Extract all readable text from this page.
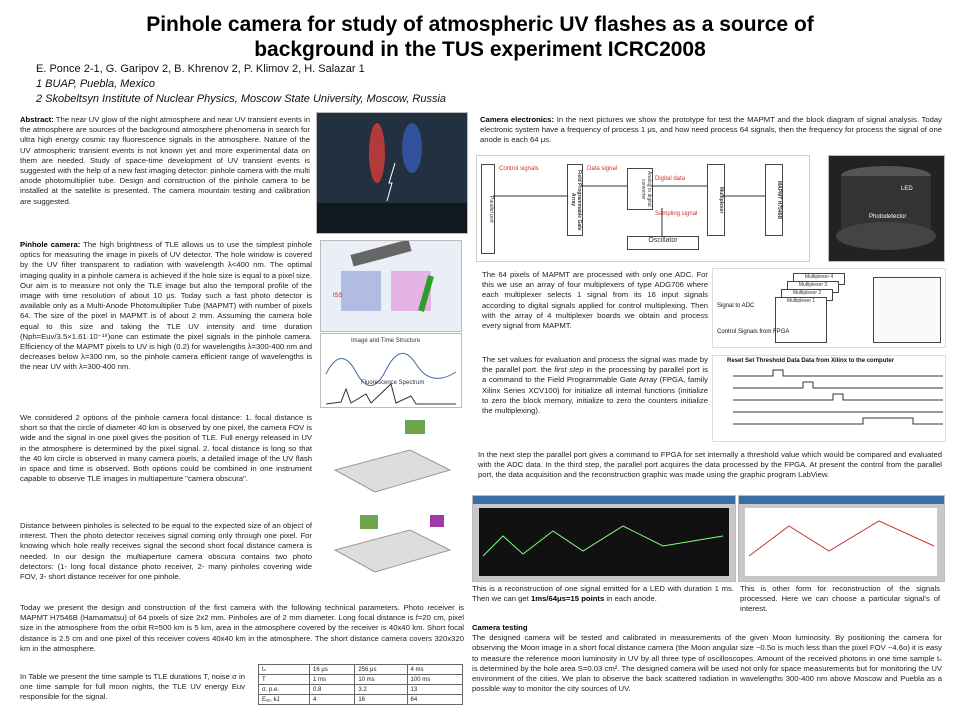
Pinhole camera for study of atmospheric UV flashes as a source of
background in the TUS experiment ICRC2008
E. Ponce 2-1, G. Garipov 2, B. Khrenov 2, P. Klimov 2, H. Salazar 1
1 BUAP, Puebla, Mexico
2 Skobeltsyn Institute of Nuclear Physics, Moscow State University, Moscow, Russia
Abstract: The near UV glow of the night atmosphere and near UV transient events in the atmosphere are sources of the background atmosphere phenomena in search for ultra high energy cosmic ray fluorescence signals in the atmosphere. Nature of the UV atmospheric transient events is not known yet and more experimental data on them are needed. Study of space-time development of UV transient events is suggested with the help of a new fast imaging detector: pinhole camera with the multi anode photomultiplier tube. Design and construction of the pinhole camera to be installed at the satellite is presented. The camera mountain testing and calibration are suggested.
Pinhole camera: The high brightness of TLE allows us to use the simplest pinhole optics for measuring the image in pixels of UV detector. The hole window is covered by the UV filter transparent to radiation with wavelength λ<400 nm. The optimal imaging quality in a pinhole camera is achieved if the hole size is equal to a pixel size. Our aim is to measure not only the TLE image but also the temporal profile of the image with time resolution of about 10 μs. Today such a fast photo detector is available only as a Multi-Anode Photomultiplier Tube (MAPMT) with number of pixels 64. The size of the pixel in MAPMT is of about 2 mm. Assuming the camera hole equal to this size and taking the TLE UV intensity and time duration (Nph=Euv/3.5×1.61·10⁻¹⁹)one can estimate the pixel signals in the pinhole camera. Efficiency of the MAPMT pixels to UV is high (0.2) for wavelengths λ=300-400 nm and decreases below λ=300 nm, so the pinhole camera efficient range of wavelengths is the near UV with λ=300-400 nm.
ISS
Image and Time Structure
Fluorescence Spectrum
We considered 2 options of the pinhole camera focal distance: 1. focal distance is short so that the circle of diameter 40 km is observed by one pixel, the camera FOV is wide and the signal in one pixel gives the position of TLE. Full energy released in UV in the atmosphere is determined by the pixel signal. 2. focal distance is long so that the 40 km circle is observed in many camera pixels, a detailed image of the UV flash in space and time is observed. Both options could be combined in one instrument capable to observe TLE images in multiaperture "camera obscura".
Distance between pinholes is selected to be equal to the expected size of an object of interest. Then the photo detector receives signal coming only through one pixel. For knowing which hole really receives signal the second short focal distance camera is needed. In our design the multiaperture camera obscura contains two photo detectors: (1- long focal distance photo receiver, 2- many pinholes covering wide FOV, 3- short distance receiver for one pinhole.
Today we present the design and construction of the first camera with the following technical parameters. Photo receiver is MAPMT H7546B (Hamamatsu) of 64 pixels of size 2x2 mm. Pinholes are of 2 mm diameter. Long focal distance is f=20 cm, pixel size in the atmosphere from the orbit R=500 km is 5 km, area in the atmosphere covered by the receiver is 40x40 km. Short focal distance is 2.5 cm and one pixel of this receiver covers 40x40 km in the atmosphere. The short distance camera covers 320x320 km in the atmosphere.
In Table we present the time sample ts TLE durations T, noise σ in one time sample for full moon nights, the TLE UV energy Euv responsible for the signal.
tₛ	16 μs	256 μs	4 ms
T	1 ms	10 ms	100 ms
σ, p.e.	0.8	3.2	13
Eᵤᵥ, kJ	4	16	64
Camera electronics: In the next pictures we show the prototype for test the MAPMT and the block diagram of signal analysis. Today electronic system have a frequency of process 1 μs, and how need process 64 signals, then the frequency for process the signal of one anode is each 64 μs.
Parallel port	Field Programmable Gate Array	Analog to digital converter	Multiplexer	MAPMT H7546B
Oscillator
Control signals	Data signal
Sampling signal
Digital data
LED
Photodetector
The 64 pixels of MAPMT are processed with only one ADC. For this we use an array of four multiplexers of type ADG706 where each multiplexer selects 1 signal from its 16 input signals according to digital signals applied for control multiplexing. Then with the array of 4 multiplexer boards we obtain and process every signal from MAPMT.
Multiplexer 4
Multiplexer 3
Multiplexer 2
Multiplexer 1
Signal to ADC
Control Signals from FPGA
The set values for evaluation and process the signal was made by the parallel port. the first step in the processing by parallel port is a command to the Field Programmable Gate Array (FPGA, family Xilinx Series XCV100) for initialize all internal functions (initialize to zero the block memory, initialize to zero the counters initialize the multiplexing).
Reset Set Threshold Data Data from Xilinx to the computer
In the next step the parallel port gives a command to FPGA for set internally a threshold value which would be compared and evaluated with the ADC data. In the third step, the parallel port acquires the data processed by the FPGA. At present the control from the parallel port, the data acquisition and the reconstruction graphic was made using the graphic program LabView.
This is a reconstruction of one signal emitted for a LED with duration 1 ms. Then we can get 1ms/64μs=15 points in each anode.
This is other form for reconstruction of the signals processed. Here we can choose a particular signal's of interest.
Camera testing
The designed camera will be tested and calibrated in measurements of the given Moon luminosity. By positioning the camera for observing the Moon image in a short focal distance camera (the Moon angular size ~0.5o is much less than the pixel FOV ~4.6o) it is easy to measure the reference moon luminosity in UV by all three type of oscilloscopes. Amount of the received photons in one time sample tₛ is determined by the hole area S=0.03 cm². The designed camera will be used not only for space measurements but for monitoring the UV environment of the cities. We plan to observe the back scattered radiation in wavelengths 300-400 nm above Moscow and Puebla as a possible way to monitor the city sources of UV.
